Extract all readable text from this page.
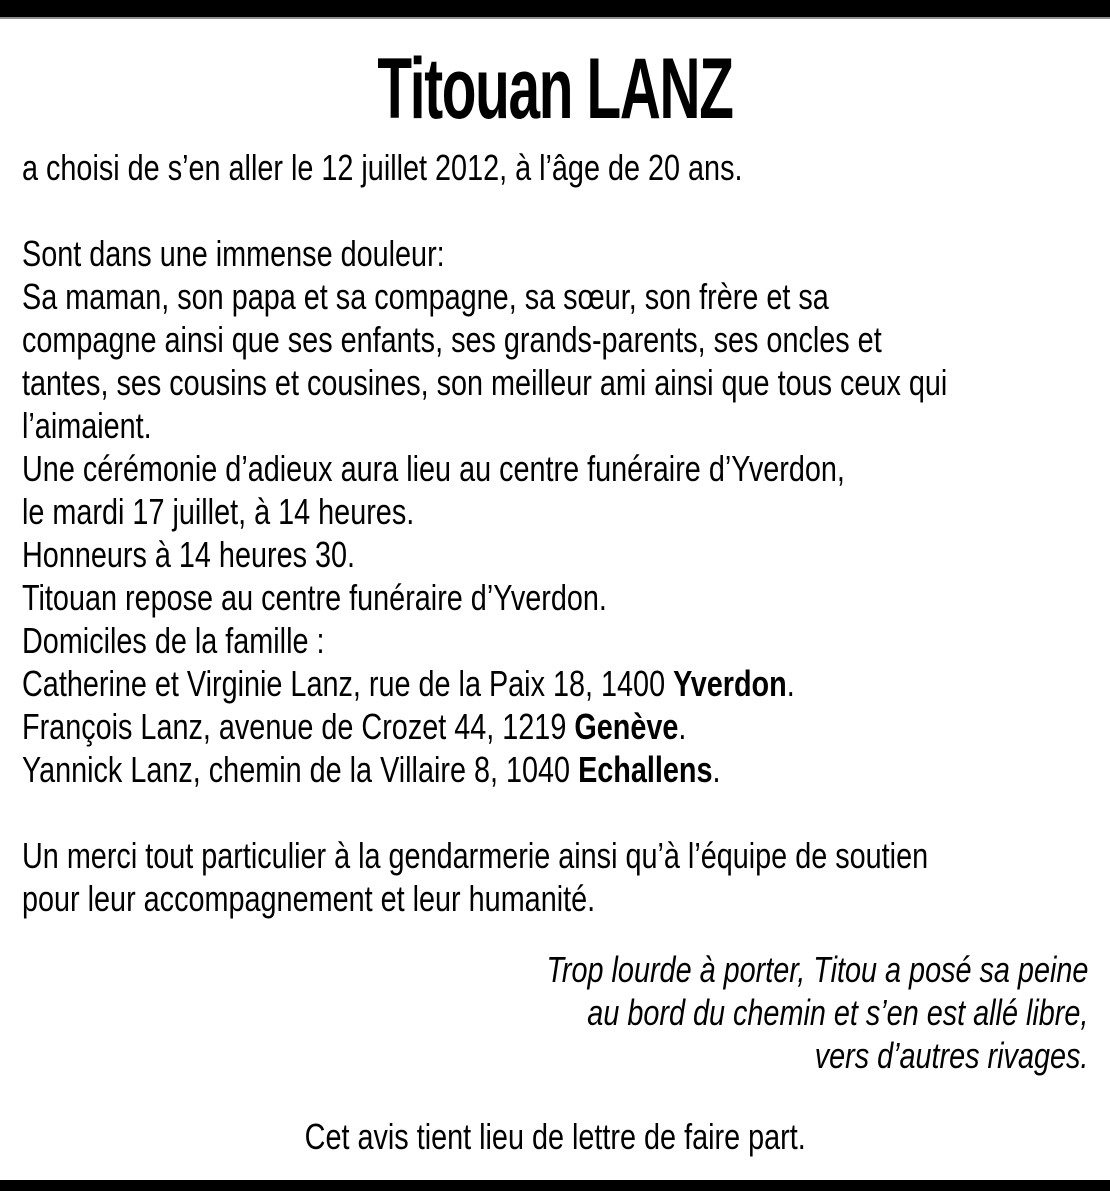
Titouan LANZ
a choisi de s’en aller le 12 juillet 2012, à l’âge de 20 ans.
Sont dans une immense douleur:
Sa maman, son papa et sa compagne, sa sœur, son frère et sa
compagne ainsi que ses enfants, ses grands-parents, ses oncles et
tantes, ses cousins et cousines, son meilleur ami ainsi que tous ceux qui
l’aimaient.
Une cérémonie d’adieux aura lieu au centre funéraire d’Yverdon,
le mardi 17 juillet, à 14 heures.
Honneurs à 14 heures 30.
Titouan repose au centre funéraire d’Yverdon.
Domiciles de la famille :
Catherine et Virginie Lanz, rue de la Paix 18, 1400 Yverdon.
François Lanz, avenue de Crozet 44, 1219 Genève.
Yannick Lanz, chemin de la Villaire 8, 1040 Echallens.
Un merci tout particulier à la gendarmerie ainsi qu’à l’équipe de soutien
pour leur accompagnement et leur humanité.
Trop lourde à porter, Titou a posé sa peine
au bord du chemin et s’en est allé libre,
vers d’autres rivages.
Cet avis tient lieu de lettre de faire part.
